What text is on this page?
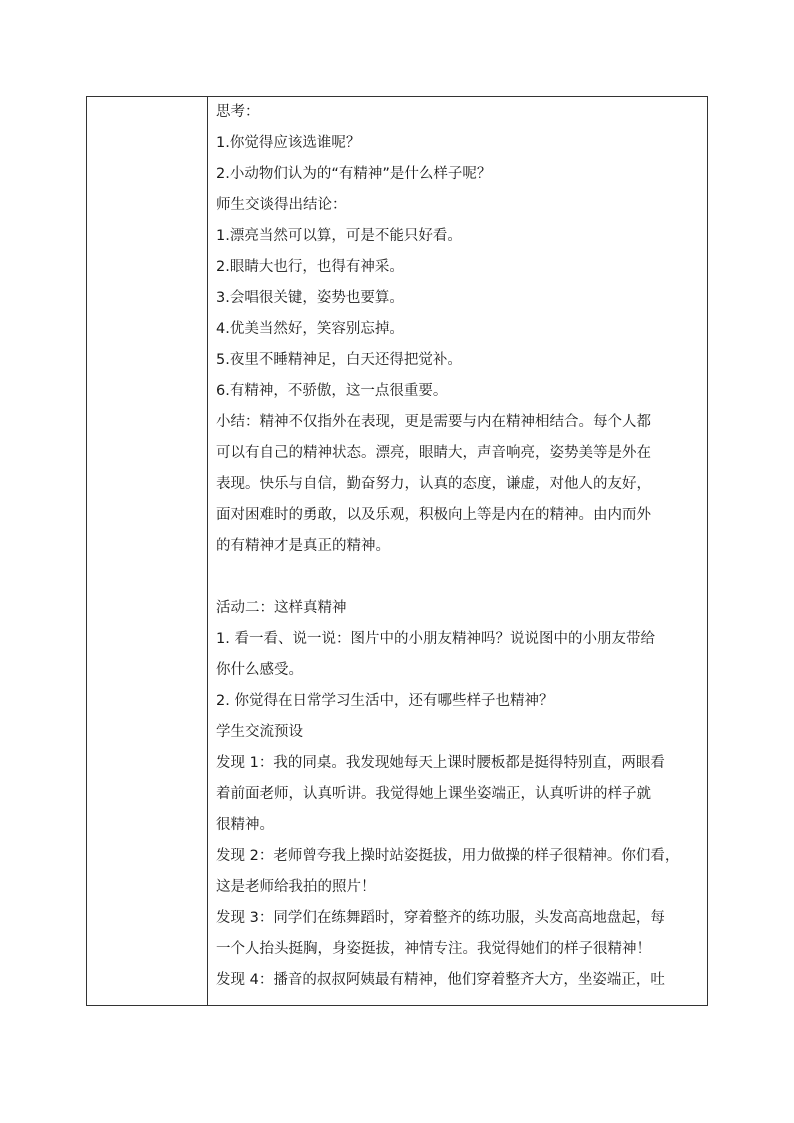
思考：
1.你觉得应该选谁呢？
2.小动物们认为的“有精神”是什么样子呢？
师生交谈得出结论：
1.漂亮当然可以算，可是不能只好看。
2.眼睛大也行，也得有神采。
3.会唱很关键，姿势也要算。
4.优美当然好，笑容别忘掉。
5.夜里不睡精神足，白天还得把觉补。
6.有精神，不骄傲，这一点很重要。
小结：精神不仅指外在表现，更是需要与内在精神相结合。每个人都
可以有自己的精神状态。漂亮，眼睛大，声音响亮，姿势美等是外在
表现。快乐与自信，勤奋努力，认真的态度，谦虚，对他人的友好，
面对困难时的勇敢，以及乐观，积极向上等是内在的精神。由内而外
的有精神才是真正的精神。
活动二：这样真精神
1. 看一看、说一说：图片中的小朋友精神吗？说说图中的小朋友带给
你什么感受。
2. 你觉得在日常学习生活中，还有哪些样子也精神？
学生交流预设
发现 1：我的同桌。我发现她每天上课时腰板都是挺得特别直，两眼看
着前面老师，认真听讲。我觉得她上课坐姿端正，认真听讲的样子就
很精神。
发现 2：老师曾夸我上操时站姿挺拔，用力做操的样子很精神。你们看，
这是老师给我拍的照片！
发现 3：同学们在练舞蹈时，穿着整齐的练功服，头发高高地盘起，每
一个人抬头挺胸，身姿挺拔，神情专注。我觉得她们的样子很精神！
发现 4：播音的叔叔阿姨最有精神，他们穿着整齐大方，坐姿端正，吐
